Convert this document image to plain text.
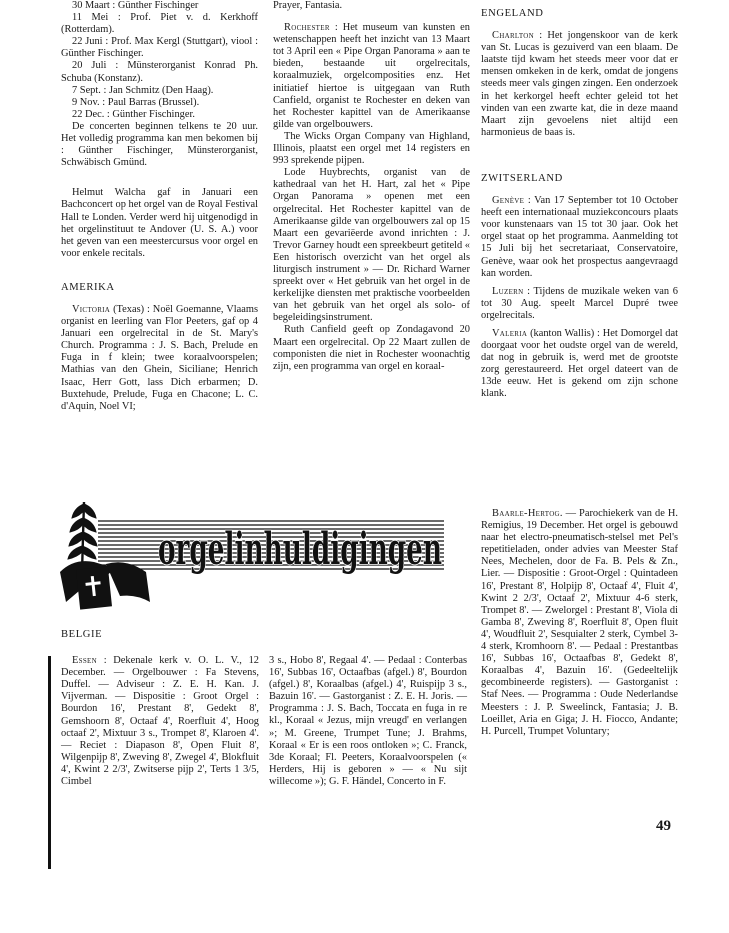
30 Maart : Günther Fischinger

11 Mei : Prof. Piet v. d. Kerkhoff (Rotterdam).

22 Juni : Prof. Max Kergl (Stuttgart), viool : Günther Fischinger.

20 Juli : Münsterorganist Konrad Ph. Schuba (Konstanz).

7 Sept. : Jan Schmitz (Den Haag).

9 Nov. : Paul Barras (Brussel).

22 Dec. : Günther Fischinger.

De concerten beginnen telkens te 20 uur. Het volledig programma kan men bekomen bij : Günther Fischinger, Münsterorganist, Schwäbisch Gmünd.

Helmut Walcha gaf in Januari een Bachconcert op het orgel van de Royal Festival Hall te Londen. Verder werd hij uitgenodigd in het orgelinstituut te Andover (U. S. A.) voor het geven van een meestercursus voor orgel en voor enkele recitals.

AMERIKA

Victoria (Texas) : Noël Goemanne, Vlaams organist en leerling van Flor Peeters, gaf op 4 Januari een orgelrecital in de St. Mary's Church. Programma : J. S. Bach, Prelude en Fuga in f klein; twee koraalvoorspelen; Mathias van den Ghein, Siciliane; Henrich Isaac, Herr Gott, lass Dich erbarmen; D. Buxtehude, Prelude, Fuga en Chacone; L. C. d'Aquin, Noel VI;

Prayer, Fantasia.

Rochester : Het museum van kunsten en wetenschappen heeft het inzicht van 13 Maart tot 3 April een « Pipe Organ Panorama » aan te bieden, bestaande uit orgelrecitals, koraalmuziek, orgelcomposities enz. Het initiatief hiertoe is uitgegaan van Ruth Canfield, organist te Rochester en deken van het Rochester kapittel van de Amerikaanse gilde van orgelbouwers.

The Wicks Organ Company van Highland, Illinois, plaatst een orgel met 14 registers en 993 sprekende pijpen.

Lode Huybrechts, organist van de kathedraal van het H. Hart, zal het « Pipe Organ Panorama » openen met een orgelrecital. Het Rochester kapittel van de Amerikaanse gilde van orgelbouwers zal op 15 Maart een gevariëerde avond inrichten : J. Trevor Garney houdt een spreekbeurt getiteld « Een historisch overzicht van het orgel als liturgisch instrument » — Dr. Richard Warner spreekt over « Het gebruik van het orgel in de kerkelijke diensten met praktische voorbeelden van het gebruik van het orgel als solo- of begeleidingsinstrument.

Ruth Canfield geeft op Zondagavond 20 Maart een orgelrecital. Op 22 Maart zullen de componisten die niet in Rochester woonachtig zijn, een programma van orgel en koraal-

ENGELAND

Charlton : Het jongenskoor van de kerk van St. Lucas is gezuiverd van een blaam. De laatste tijd kwam het steeds meer voor dat er mensen omkeken in de kerk, omdat de jongens steeds meer vals gingen zingen. Een onderzoek in het kerkorgel heeft echter geleid tot het vinden van een zwarte kat, die in deze maand Maart zijn gevoelens niet altijd een harmonieus de baas is.

ZWITSERLAND

Genève : Van 17 September tot 10 October heeft een internationaal muziekconcours plaats voor kunstenaars van 15 tot 30 jaar. Ook het orgel staat op het programma. Aanmelding tot 15 Juli bij het secretariaat, Conservatoire, Genève, waar ook het prospectus aangevraagd kan worden.

Luzern : Tijdens de muzikale weken van 6 tot 30 Aug. speelt Marcel Dupré twee orgelrecitals.

Valeria (kanton Wallis) : Het Domorgel dat doorgaat voor het oudste orgel van de wereld, dat nog in gebruik is, werd met de grootste zorg gerestaureerd. Het orgel dateert van de 13de eeuw. Het is gekend om zijn schone klank.

orgelinhuldigingen

BELGIE

Essen : Dekenale kerk v. O. L. V., 12 December. — Orgelbouwer : Fa Stevens, Duffel. — Adviseur : Z. E. H. Kan. J. Vijverman. — Dispositie : Groot Orgel : Bourdon 16', Prestant 8', Gedekt 8', Gemshoorn 8', Octaaf 4', Roerfluit 4', Hoog octaaf 2', Mixtuur 3 s., Trompet 8', Klaroen 4'. — Reciet : Diapason 8', Open Fluit 8', Wilgenpijp 8', Zweving 8', Zwegel 4', Blokfluit 4', Kwint 2 2/3', Zwitserse pijp 2', Terts 1 3/5, Cimbel

3 s., Hobo 8', Regaal 4'. — Pedaal : Conterbas 16', Subbas 16', Octaafbas (afgel.) 8', Bourdon (afgel.) 8', Koraalbas (afgel.) 4', Ruispijp 3 s., Bazuin 16'. — Gastorganist : Z. E. H. Joris. — Programma : J. S. Bach, Toccata en fuga in re kl., Koraal « Jezus, mijn vreugd' en verlangen »; M. Greene, Trumpet Tune; J. Brahms, Koraal « Er is een roos ontloken »; C. Franck, 3de Koraal; Fl. Peeters, Koraalvoorspelen (« Herders, Hij is geboren » — « Nu sijt willecome »); G. F. Händel, Concerto in F.

Baarle-Hertog. — Parochiekerk van de H. Remigius, 19 December. Het orgel is gebouwd naar het electro-pneumatisch-stelsel met Pel's repetitieladen, onder advies van Meester Staf Nees, Mechelen, door de Fa. B. Pels & Zn., Lier. — Dispositie : Groot-Orgel : Quintadeen 16', Prestant 8', Holpijp 8', Octaaf 4', Fluit 4', Kwint 2 2/3', Octaaf 2', Mixtuur 4-6 sterk, Trompet 8'. — Zwelorgel : Prestant 8', Viola di Gamba 8', Zweving 8', Roerfluit 8', Open fluit 4', Woudfluit 2', Sesquialter 2 sterk, Cymbel 3-4 sterk, Kromhoorn 8'. — Pedaal : Prestantbas 16', Subbas 16', Octaafbas 8', Gedekt 8', Koraalbas 4', Bazuin 16'. (Gedeeltelijk gecombineerde registers). — Gastorganist : Staf Nees. — Programma : Oude Nederlandse Meesters : J. P. Sweelinck, Fantasia; J. B. Loeillet, Aria en Giga; J. H. Fiocco, Andante; H. Purcell, Trumpet Voluntary;

49
